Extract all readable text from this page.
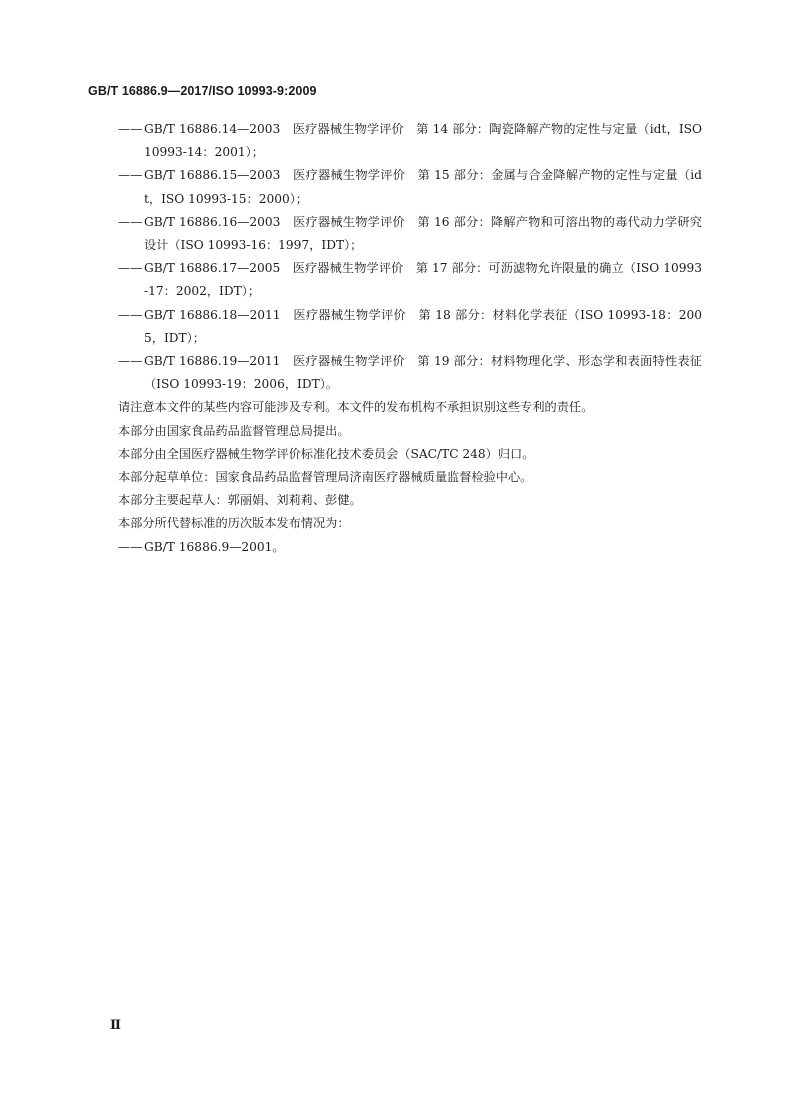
GB/T 16886.9—2017/ISO 10993-9:2009
—— GB/T 16886.14—2003　医疗器械生物学评价　第 14 部分：陶瓷降解产物的定性与定量（idt，ISO 10993-14：2001）；
—— GB/T 16886.15—2003　医疗器械生物学评价　第 15 部分：金属与合金降解产物的定性与定量（idt，ISO 10993-15：2000）；
—— GB/T 16886.16—2003　医疗器械生物学评价　第 16 部分：降解产物和可溶出物的毒代动力学研究设计（ISO 10993-16：1997，IDT）；
—— GB/T 16886.17—2005　医疗器械生物学评价　第 17 部分：可沥滤物允许限量的确立（ISO 10993-17：2002，IDT）；
—— GB/T 16886.18—2011　医疗器械生物学评价　第 18 部分：材料化学表征（ISO 10993-18：2005，IDT）；
—— GB/T 16886.19—2011　医疗器械生物学评价　第 19 部分：材料物理化学、形态学和表面特性表征（ISO 10993-19：2006，IDT）。

请注意本文件的某些内容可能涉及专利。本文件的发布机构不承担识别这些专利的责任。

本部分由国家食品药品监督管理总局提出。

本部分由全国医疗器械生物学评价标准化技术委员会（SAC/TC 248）归口。

本部分起草单位：国家食品药品监督管理局济南医疗器械质量监督检验中心。

本部分主要起草人：郭丽娟、刘莉莉、彭健。

本部分所代替标准的历次版本发布情况为：

—— GB/T 16886.9—2001。
Ⅱ
